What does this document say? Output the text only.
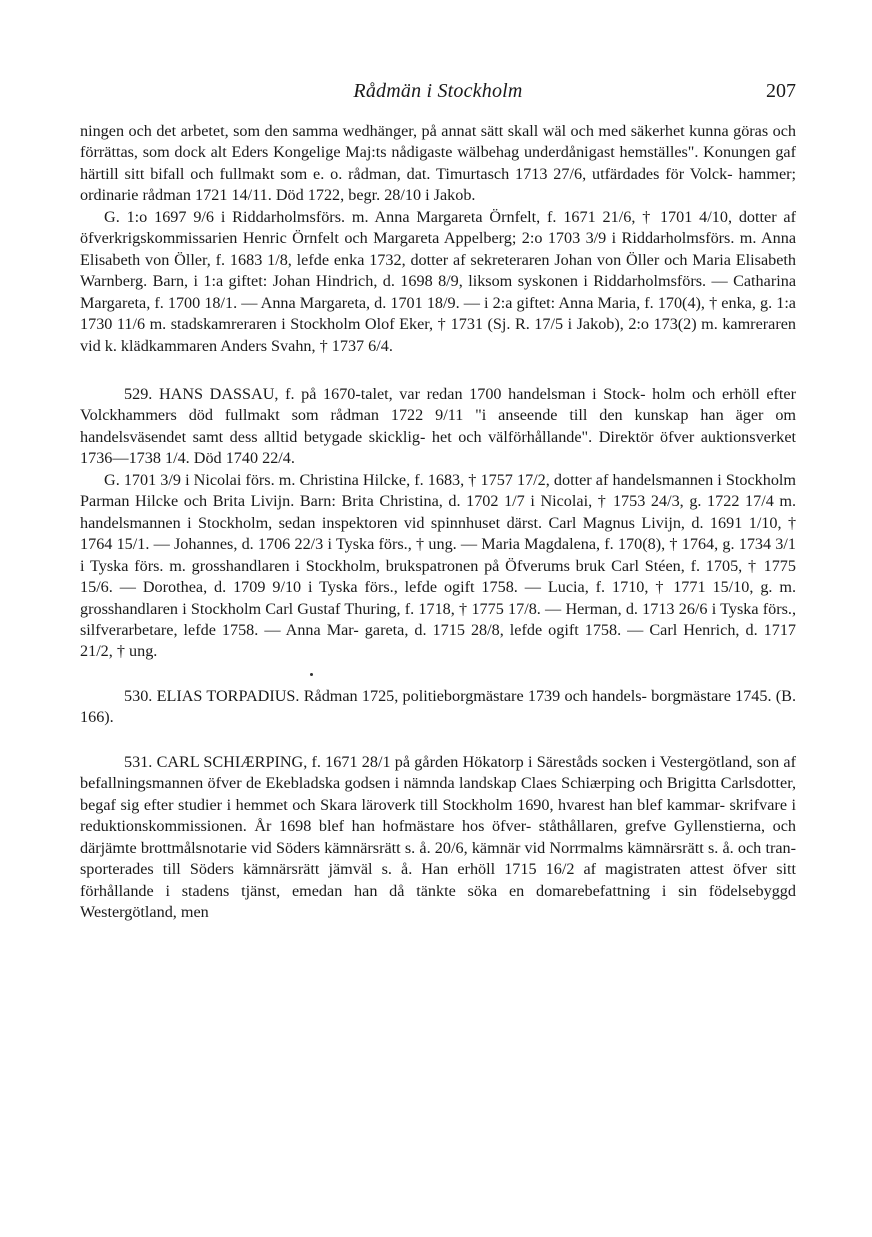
Rådmän i Stockholm	207

ningen och det arbetet, som den samma wedhänger, på annat sätt skall wäl och med säkerhet kunna göras och förrättas, som dock alt Eders Kongelige Maj:ts nådigaste wälbehag underdånigast hemställes". Konungen gaf härtill sitt bifall och fullmakt som e. o. rådman, dat. Timurtasch 1713 27/6, utfärdades för Volck- hammer; ordinarie rådman 1721 14/11. Död 1722, begr. 28/10 i Jakob.

G. 1:o 1697 9/6 i Riddarholmsförs. m. Anna Margareta Örnfelt, f. 1671 21/6, † 1701 4/10, dotter af öfverkrigskommissarien Henric Örnfelt och Margareta Appelberg; 2:o 1703 3/9 i Riddarholmsförs. m. Anna Elisabeth von Öller, f. 1683 1/8, lefde enka 1732, dotter af sekreteraren Johan von Öller och Maria Elisabeth Warnberg. Barn, i 1:a giftet: Johan Hindrich, d. 1698 8/9, liksom syskonen i Riddarholmsförs. — Catharina Margareta, f. 1700 18/1. — Anna Margareta, d. 1701 18/9. — i 2:a giftet: Anna Maria, f. 170(4), † enka, g. 1:a 1730 11/6 m. stadskamreraren i Stockholm Olof Eker, † 1731 (Sj. R. 17/5 i Jakob), 2:o 173(2) m. kamreraren vid k. klädkammaren Anders Svahn, † 1737 6/4.

529. HANS DASSAU, f. på 1670-talet, var redan 1700 handelsman i Stock- holm och erhöll efter Volckhammers död fullmakt som rådman 1722 9/11 "i anseende till den kunskap han äger om handelsväsendet samt dess alltid betygade skicklig- het och välförhållande". Direktör öfver auktionsverket 1736—1738 1/4. Död 1740 22/4.

G. 1701 3/9 i Nicolai förs. m. Christina Hilcke, f. 1683, † 1757 17/2, dotter af handelsmannen i Stockholm Parman Hilcke och Brita Livijn. Barn: Brita Christina, d. 1702 1/7 i Nicolai, † 1753 24/3, g. 1722 17/4 m. handelsmannen i Stockholm, sedan inspektoren vid spinnhuset därst. Carl Magnus Livijn, d. 1691 1/10, † 1764 15/1. — Johannes, d. 1706 22/3 i Tyska förs., † ung. — Maria Magdalena, f. 170(8), † 1764, g. 1734 3/1 i Tyska förs. m. grosshandlaren i Stockholm, brukspatronen på Öfverums bruk Carl Stéen, f. 1705, † 1775 15/6. — Dorothea, d. 1709 9/10 i Tyska förs., lefde ogift 1758. — Lucia, f. 1710, † 1771 15/10, g. m. grosshandlaren i Stockholm Carl Gustaf Thuring, f. 1718, † 1775 17/8. — Herman, d. 1713 26/6 i Tyska förs., silfverarbetare, lefde 1758. — Anna Mar- gareta, d. 1715 28/8, lefde ogift 1758. — Carl Henrich, d. 1717 21/2, † ung.

530. ELIAS TORPADIUS. Rådman 1725, politieborgmästare 1739 och handels- borgmästare 1745. (B. 166).

531. CARL SCHIÆRPING, f. 1671 28/1 på gården Hökatorp i Säreståds socken i Vestergötland, son af befallningsmannen öfver de Ekebladska godsen i nämnda landskap Claes Schiærping och Brigitta Carlsdotter, begaf sig efter studier i hemmet och Skara läroverk till Stockholm 1690, hvarest han blef kammar- skrifvare i reduktionskommissionen. År 1698 blef han hofmästare hos öfver- ståthållaren, grefve Gyllenstierna, och därjämte brottmålsnotarie vid Söders kämnärsrätt s. å. 20/6, kämnär vid Norrmalms kämnärsrätt s. å. och tran- sporterades till Söders kämnärsrätt jämväl s. å. Han erhöll 1715 16/2 af magistraten attest öfver sitt förhållande i stadens tjänst, emedan han då tänkte söka en domarebefattning i sin födelsebyggd Westergötland, men
